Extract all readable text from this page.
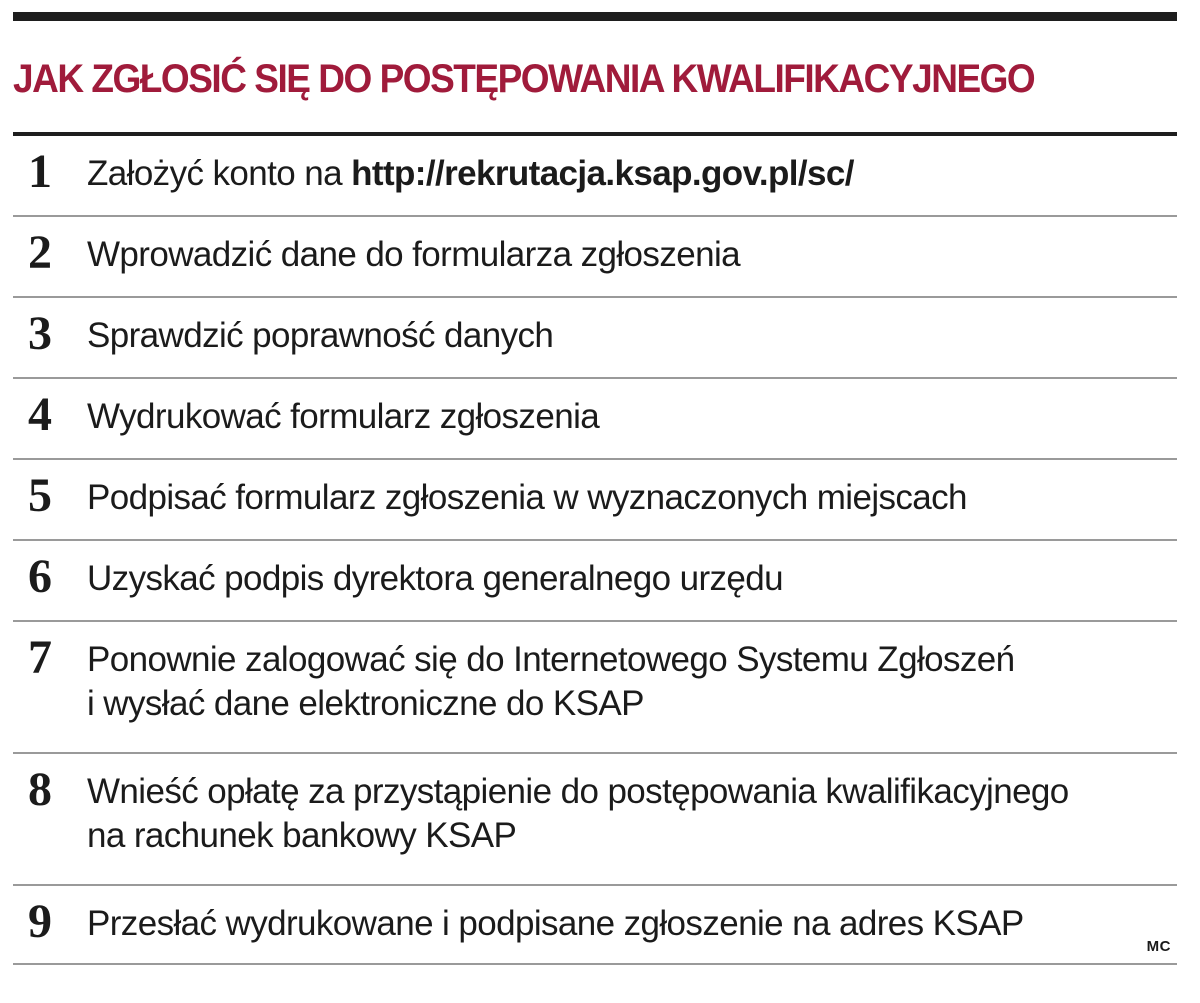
JAK ZGŁOSIĆ SIĘ DO POSTĘPOWANIA KWALIFIKACYJNEGO
1	Założyć konto na http://rekrutacja.ksap.gov.pl/sc/
2	Wprowadzić dane do formularza zgłoszenia
3	Sprawdzić poprawność danych
4	Wydrukować formularz zgłoszenia
5	Podpisać formularz zgłoszenia w wyznaczonych miejscach
6	Uzyskać podpis dyrektora generalnego urzędu
7	Ponownie zalogować się do Internetowego Systemu Zgłoszeń
i wysłać dane elektroniczne do KSAP
8	Wnieść opłatę za przystąpienie do postępowania kwalifikacyjnego
na rachunek bankowy KSAP
9	Przesłać wydrukowane i podpisane zgłoszenie na adres KSAP
MC
